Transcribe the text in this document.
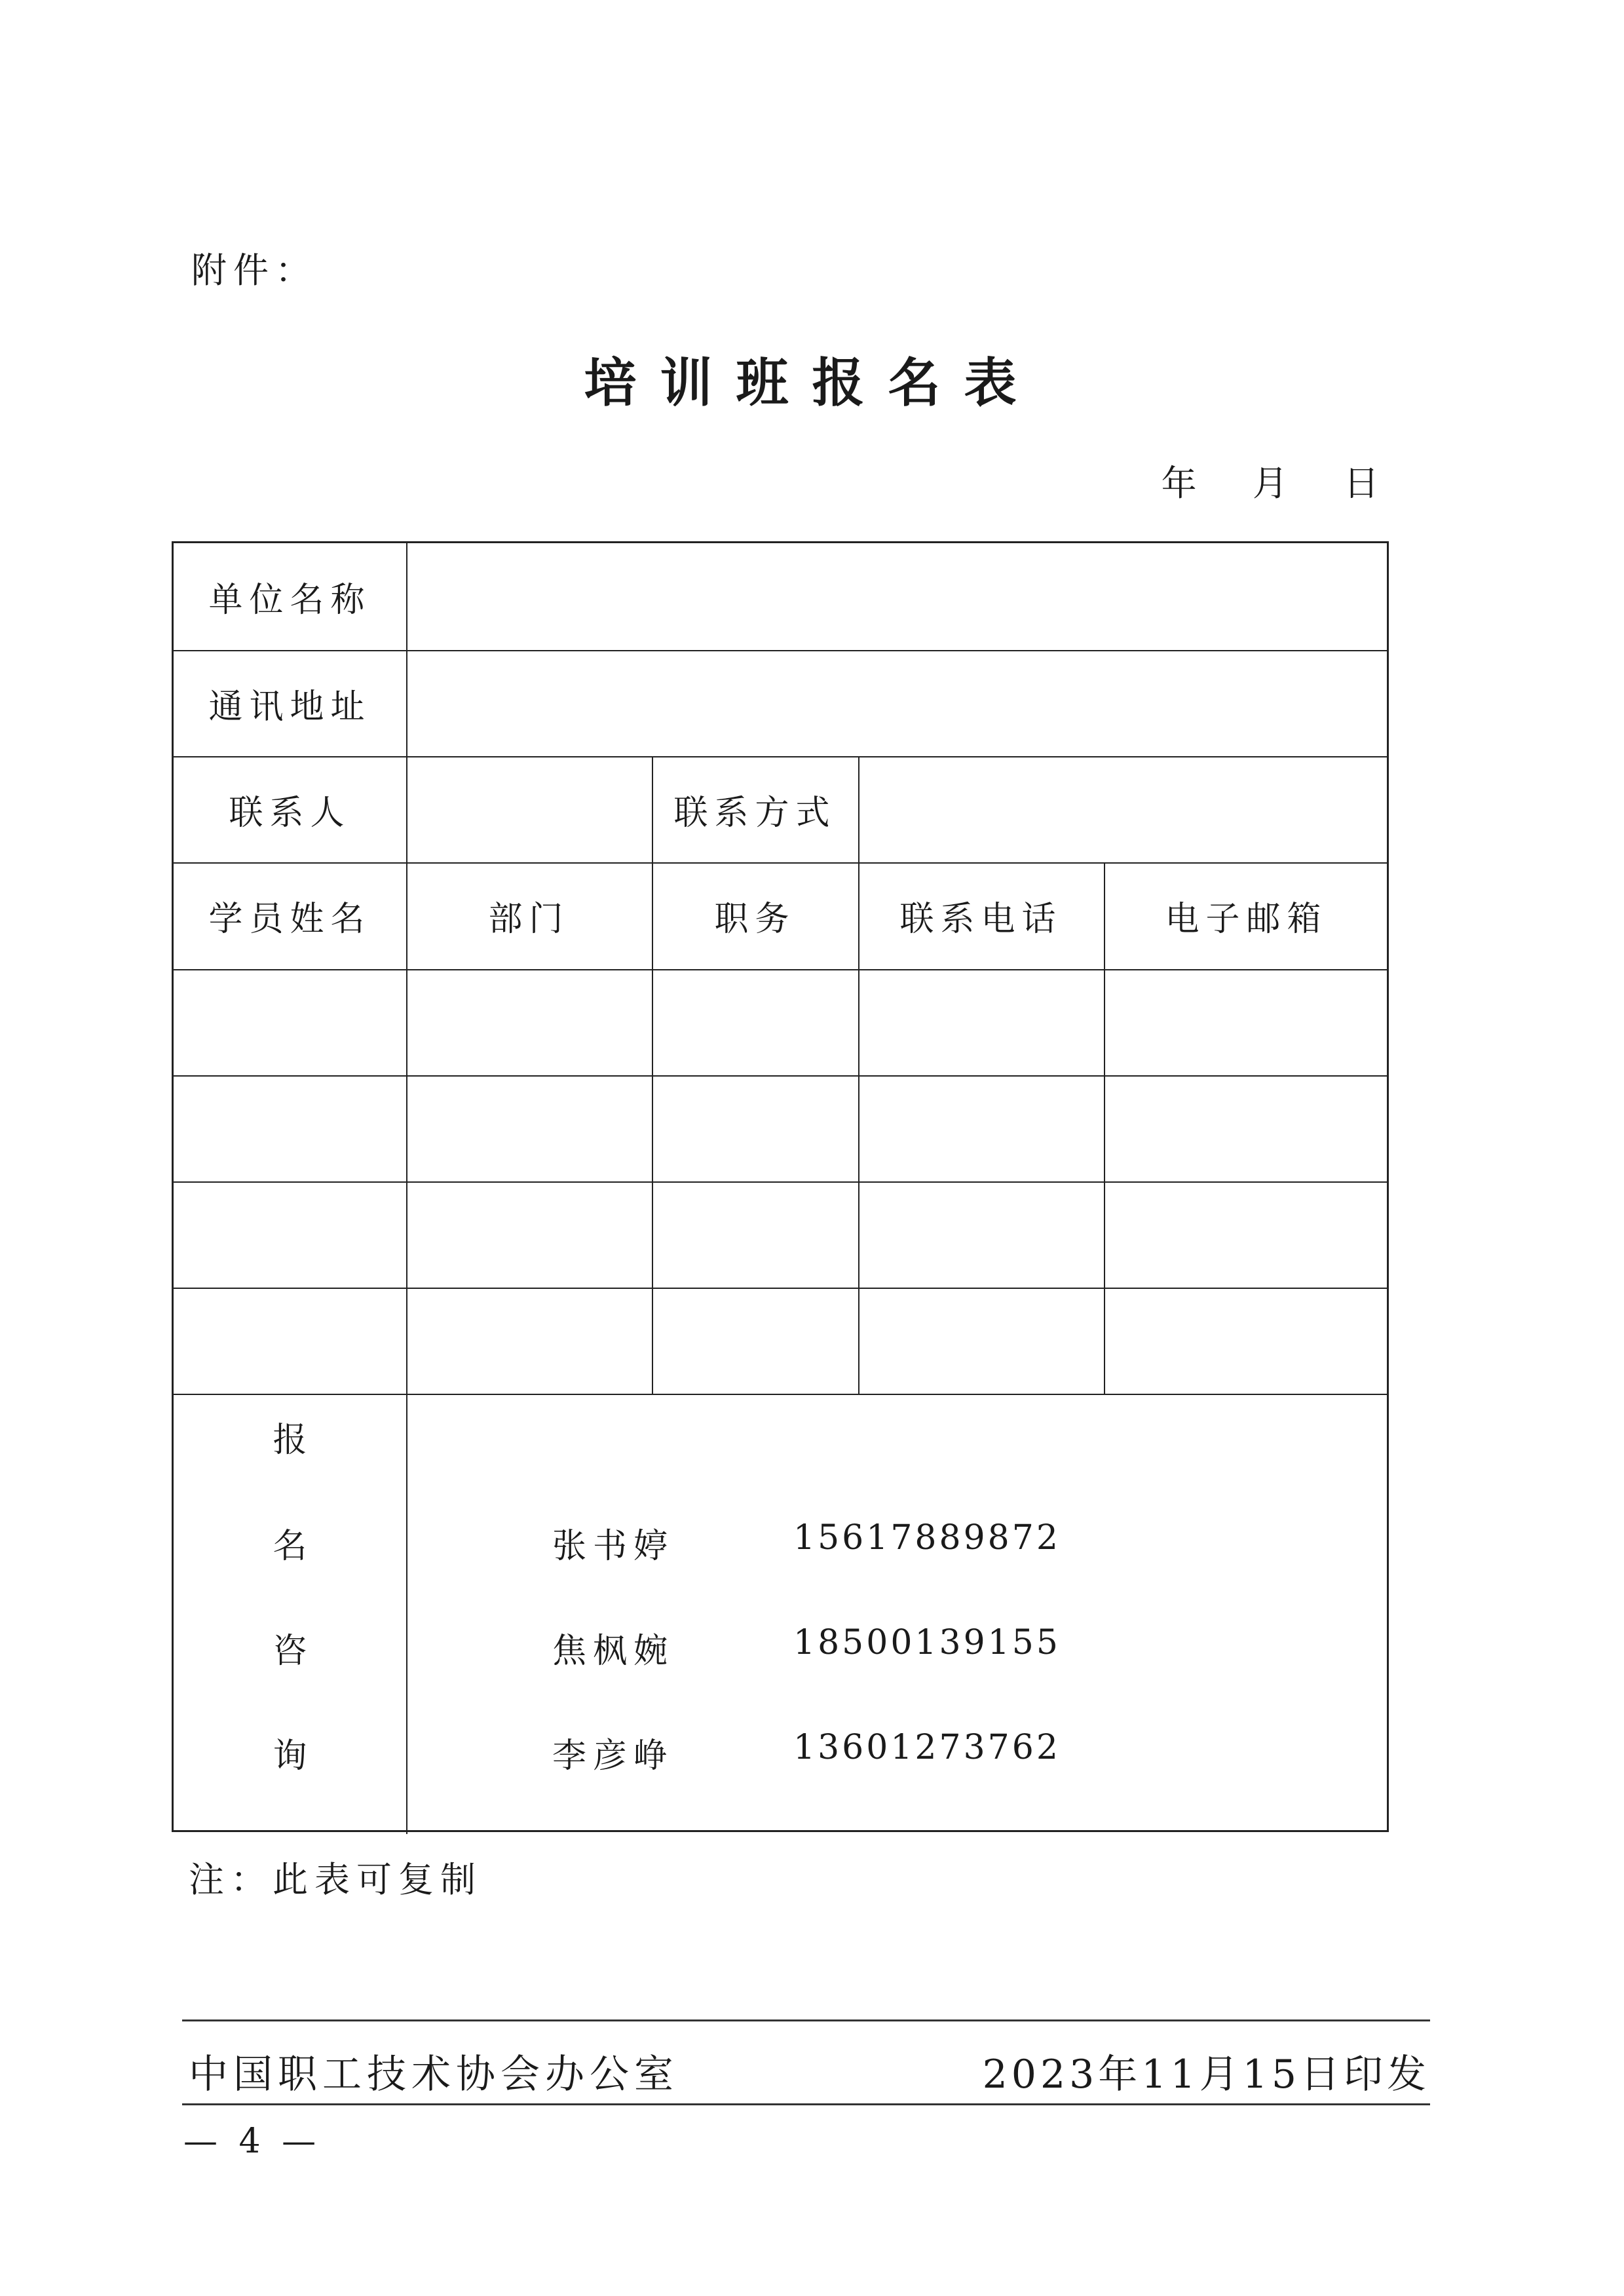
附件：
培训班报名表
年 月 日
单位名称
通讯地址
联系人	联系方式
学员姓名	部门	职务	联系电话	电子邮箱
报
名
咨
询
张书婷	15617889872
焦枫婉	18500139155
李彦峥	13601273762
注：此表可复制
中国职工技术协会办公室	2023年11月15日印发
— 4 —
